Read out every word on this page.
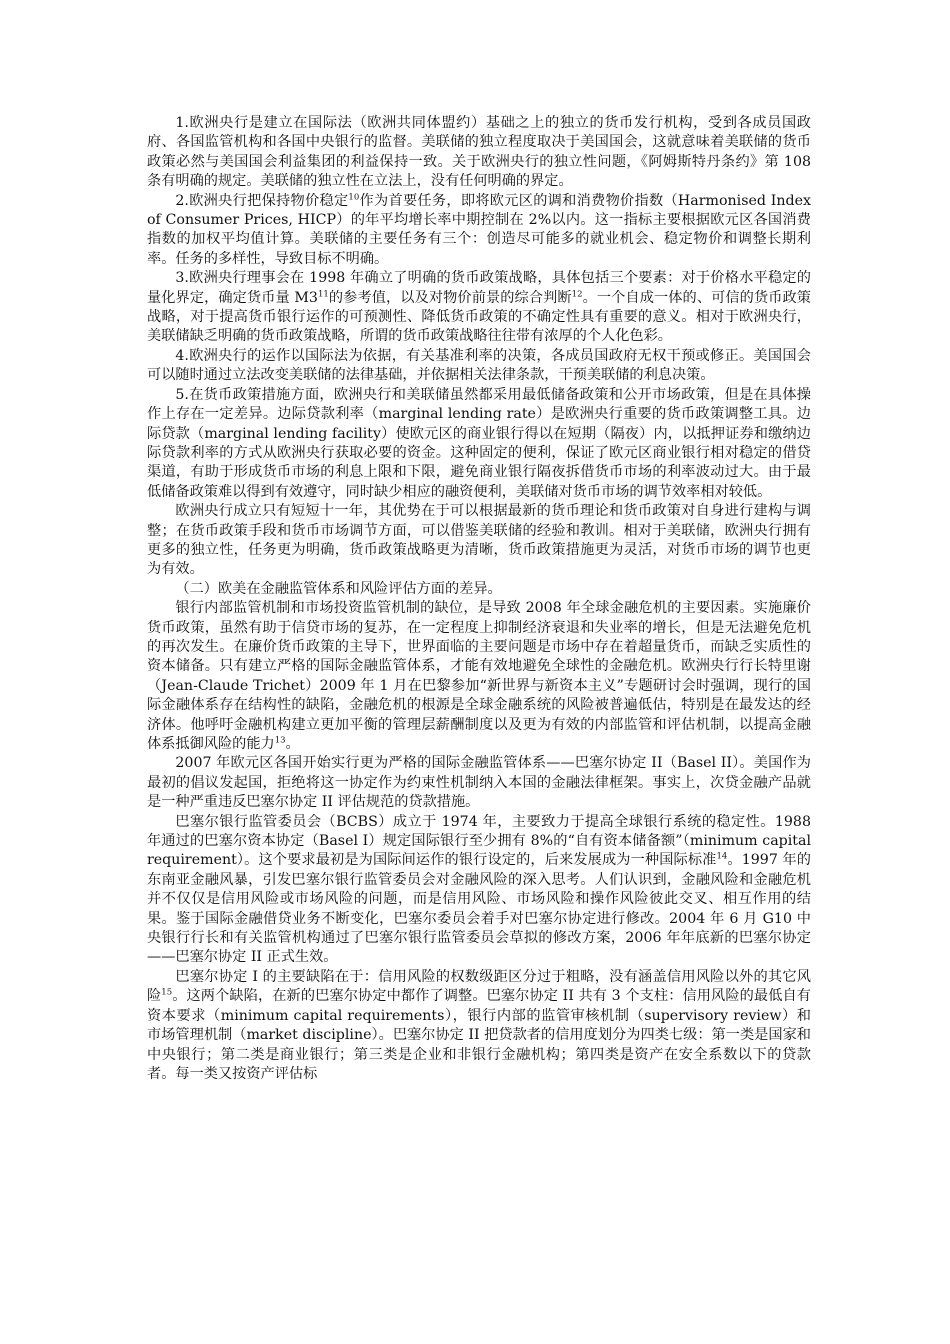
1.欧洲央行是建立在国际法（欧洲共同体盟约）基础之上的独立的货币发行机构，受到各成员国政府、各国监管机构和各国中央银行的监督。美联储的独立程度取决于美国国会，这就意味着美联储的货币政策必然与美国国会利益集团的利益保持一致。关于欧洲央行的独立性问题，《阿姆斯特丹条约》第 108 条有明确的规定。美联储的独立性在立法上，没有任何明确的界定。

2.欧洲央行把保持物价稳定$^{10}$作为首要任务，即将欧元区的调和消费物价指数（Harmonised Index of Consumer Prices, HICP）的年平均增长率中期控制在 2%以内。这一指标主要根据欧元区各国消费指数的加权平均值计算。美联储的主要任务有三个：创造尽可能多的就业机会、稳定物价和调整长期利率。任务的多样性，导致目标不明确。

3.欧洲央行理事会在 1998 年确立了明确的货币政策战略，具体包括三个要素：对于价格水平稳定的量化界定，确定货币量 $M3^{11}$的参考值，以及对物价前景的综合判断$^{12}$。一个自成一体的、可信的货币政策战略，对于提高货币银行运作的可预测性、降低货币政策的不确定性具有重要的意义。相对于欧洲央行，美联储缺乏明确的货币政策战略，所谓的货币政策战略往往带有浓厚的个人化色彩。

4.欧洲央行的运作以国际法为依据，有关基准利率的决策，各成员国政府无权干预或修正。美国国会可以随时通过立法改变美联储的法律基础，并依据相关法律条款，干预美联储的利息决策。

5.在货币政策措施方面，欧洲央行和美联储虽然都采用最低储备政策和公开市场政策，但是在具体操作上存在一定差异。边际贷款利率（marginal lending rate）是欧洲央行重要的货币政策调整工具。边际贷款（marginal lending facility）使欧元区的商业银行得以在短期（隔夜）内，以抵押证券和缴纳边际贷款利率的方式从欧洲央行获取必要的资金。这种固定的便利，保证了欧元区商业银行相对稳定的借贷渠道，有助于形成货币市场的利息上限和下限，避免商业银行隔夜拆借货币市场的利率波动过大。由于最低储备政策难以得到有效遵守，同时缺少相应的融资便利，美联储对货币市场的调节效率相对较低。

欧洲央行成立只有短短十一年，其优势在于可以根据最新的货币理论和货币政策对自身进行建构与调整；在货币政策手段和货币市场调节方面，可以借鉴美联储的经验和教训。相对于美联储，欧洲央行拥有更多的独立性，任务更为明确，货币政策战略更为清晰，货币政策措施更为灵活，对货币市场的调节也更为有效。

（二）欧美在金融监管体系和风险评估方面的差异。

银行内部监管机制和市场投资监管机制的缺位，是导致 2008 年全球金融危机的主要因素。实施廉价货币政策，虽然有助于信贷市场的复苏，在一定程度上抑制经济衰退和失业率的增长，但是无法避免危机的再次发生。在廉价货币政策的主导下，世界面临的主要问题是市场中存在着超量货币，而缺乏实质性的资本储备。只有建立严格的国际金融监管体系，才能有效地避免全球性的金融危机。欧洲央行行长特里谢（Jean-Claude Trichet）2009 年 1 月在巴黎参加“新世界与新资本主义”专题研讨会时强调，现行的国际金融体系存在结构性的缺陷，金融危机的根源是全球金融系统的风险被普遍低估，特别是在最发达的经济体。他呼吁金融机构建立更加平衡的管理层薪酬制度以及更为有效的内部监管和评估机制，以提高金融体系抵御风险的能力$^{13}$。

2007 年欧元区各国开始实行更为严格的国际金融监管体系——巴塞尔协定 II（Basel II）。美国作为最初的倡议发起国，拒绝将这一协定作为约束性机制纳入本国的金融法律框架。事实上，次贷金融产品就是一种严重违反巴塞尔协定 II 评估规范的贷款措施。

巴塞尔银行监管委员会（BCBS）成立于 1974 年，主要致力于提高全球银行系统的稳定性。1988 年通过的巴塞尔资本协定（Basel I）规定国际银行至少拥有 8%的“自有资本储备额”（minimum capital requirement）。这个要求最初是为国际间运作的银行设定的，后来发展成为一种国际标准$^{14}$。1997 年的东南亚金融风暴，引发巴塞尔银行监管委员会对金融风险的深入思考。人们认识到，金融风险和金融危机并不仅仅是信用风险或市场风险的问题，而是信用风险、市场风险和操作风险彼此交叉、相互作用的结果。鉴于国际金融借贷业务不断变化，巴塞尔委员会着手对巴塞尔协定进行修改。2004 年 6 月 G10 中央银行行长和有关监管机构通过了巴塞尔银行监管委员会草拟的修改方案，2006 年年底新的巴塞尔协定——巴塞尔协定 II 正式生效。

巴塞尔协定 I 的主要缺陷在于：信用风险的权数级距区分过于粗略，没有涵盖信用风险以外的其它风险$^{15}$。这两个缺陷，在新的巴塞尔协定中都作了调整。巴塞尔协定 II 共有 3 个支柱：信用风险的最低自有资本要求（minimum capital requirements），银行内部的监管审核机制（supervisory review）和市场管理机制（market discipline）。巴塞尔协定 II 把贷款者的信用度划分为四类七级：第一类是国家和中央银行；第二类是商业银行；第三类是企业和非银行金融机构；第四类是资产在安全系数以下的贷款者。每一类又按资产评估标
